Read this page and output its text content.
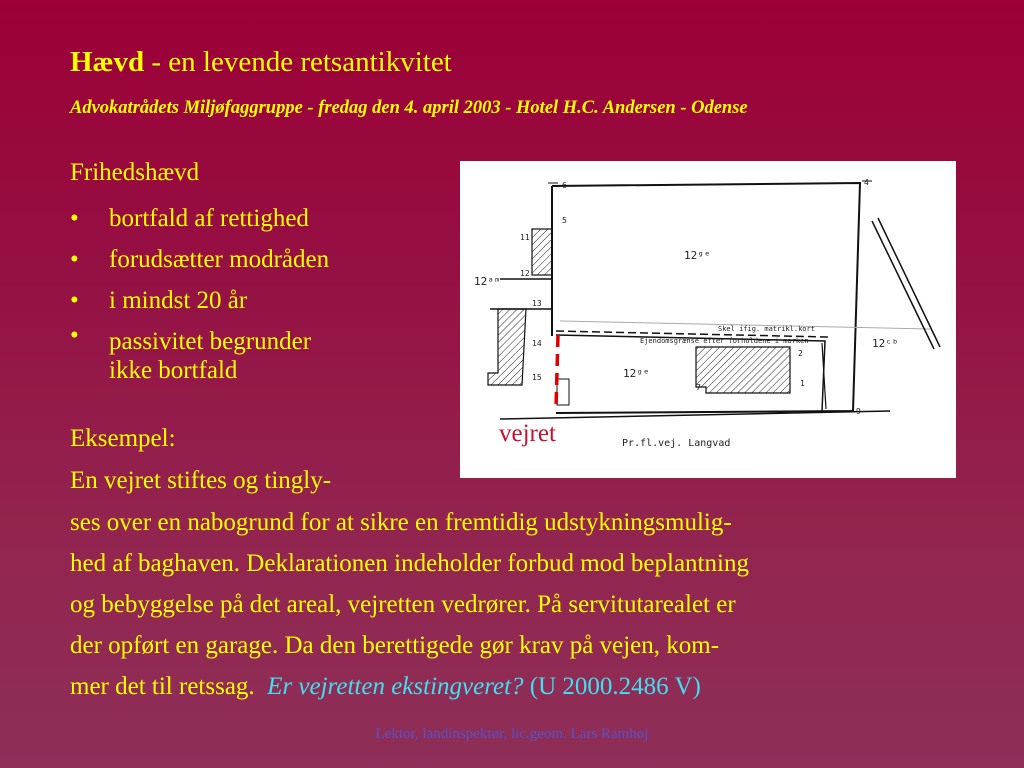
Hævd - en levende retsantikvitet
Advokatrådets Miljøfaggruppe - fredag den 4. april 2003 - Hotel H.C. Andersen - Odense
Frihedshævd
• bortfald af rettighed
• forudsætter modråden
• i mindst 20 år
• passivitet begrunder
ikke bortfald
Eksempel:
En vejret stiftes og tingly-
ses over en nabogrund for at sikre en fremtidig udstykningsmulig-
hed af baghaven. Deklarationen indeholder forbud mod beplantning
og bebyggelse på det areal, vejretten vedrører. På servitutarealet er
der opført en garage. Da den berettigede gør krav på vejen, kom-
mer det til retssag. Er vejretten ekstingveret? (U 2000.2486 V)
6	4
5
11
13
14
15
12
2
1
7
9
12ᵍᵉ
12ᵃᵐ
12ᵍᵉ
12ᶜᵇ
Skel ifig. matrikl.kort
Ejendomsgrænse efter forholdene i marken
Pr.fl.vej. Langvad
vejret
Lektor, landinspektør, lic.geom. Lars Ramhøj
